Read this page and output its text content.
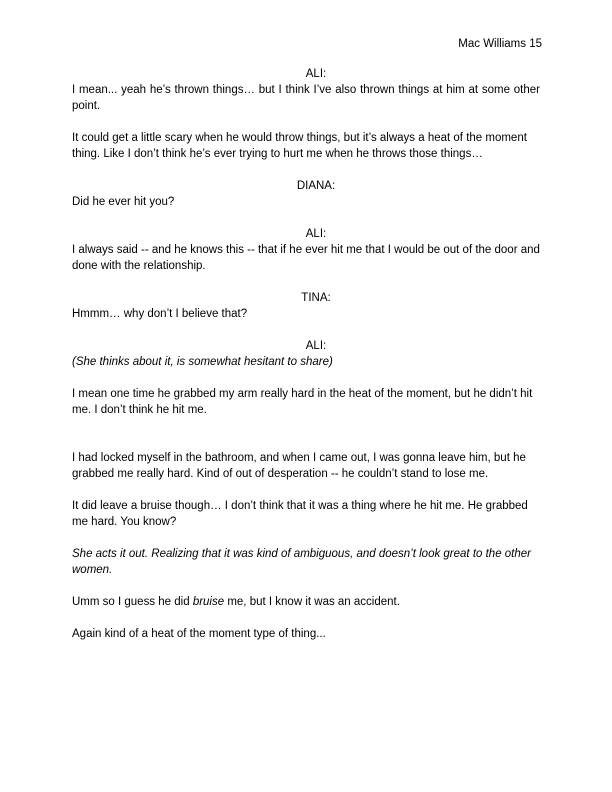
Mac Williams 15
ALI:

I mean... yeah he’s thrown things… but I think I’ve also thrown things at him at some other point.

It could get a little scary when he would throw things, but it’s always a heat of the moment thing. Like I don’t think he’s ever trying to hurt me when he throws those things…

DIANA:

Did he ever hit you?

ALI:

I always said -- and he knows this -- that if he ever hit me that I would be out of the door and done with the relationship.

TINA:

Hmmm… why don’t I believe that?

ALI:

(She thinks about it, is somewhat hesitant to share)

I mean one time he grabbed my arm really hard in the heat of the moment, but he didn’t hit me. I don’t think he hit me.

I had locked myself in the bathroom, and when I came out, I was gonna leave him, but he grabbed me really hard. Kind of out of desperation -- he couldn’t stand to lose me.

It did leave a bruise though… I don’t think that it was a thing where he hit me. He grabbed me hard. You know?

She acts it out. Realizing that it was kind of ambiguous, and doesn’t look great to the other women.

Umm so I guess he did bruise me, but I know it was an accident.

Again kind of a heat of the moment type of thing...
